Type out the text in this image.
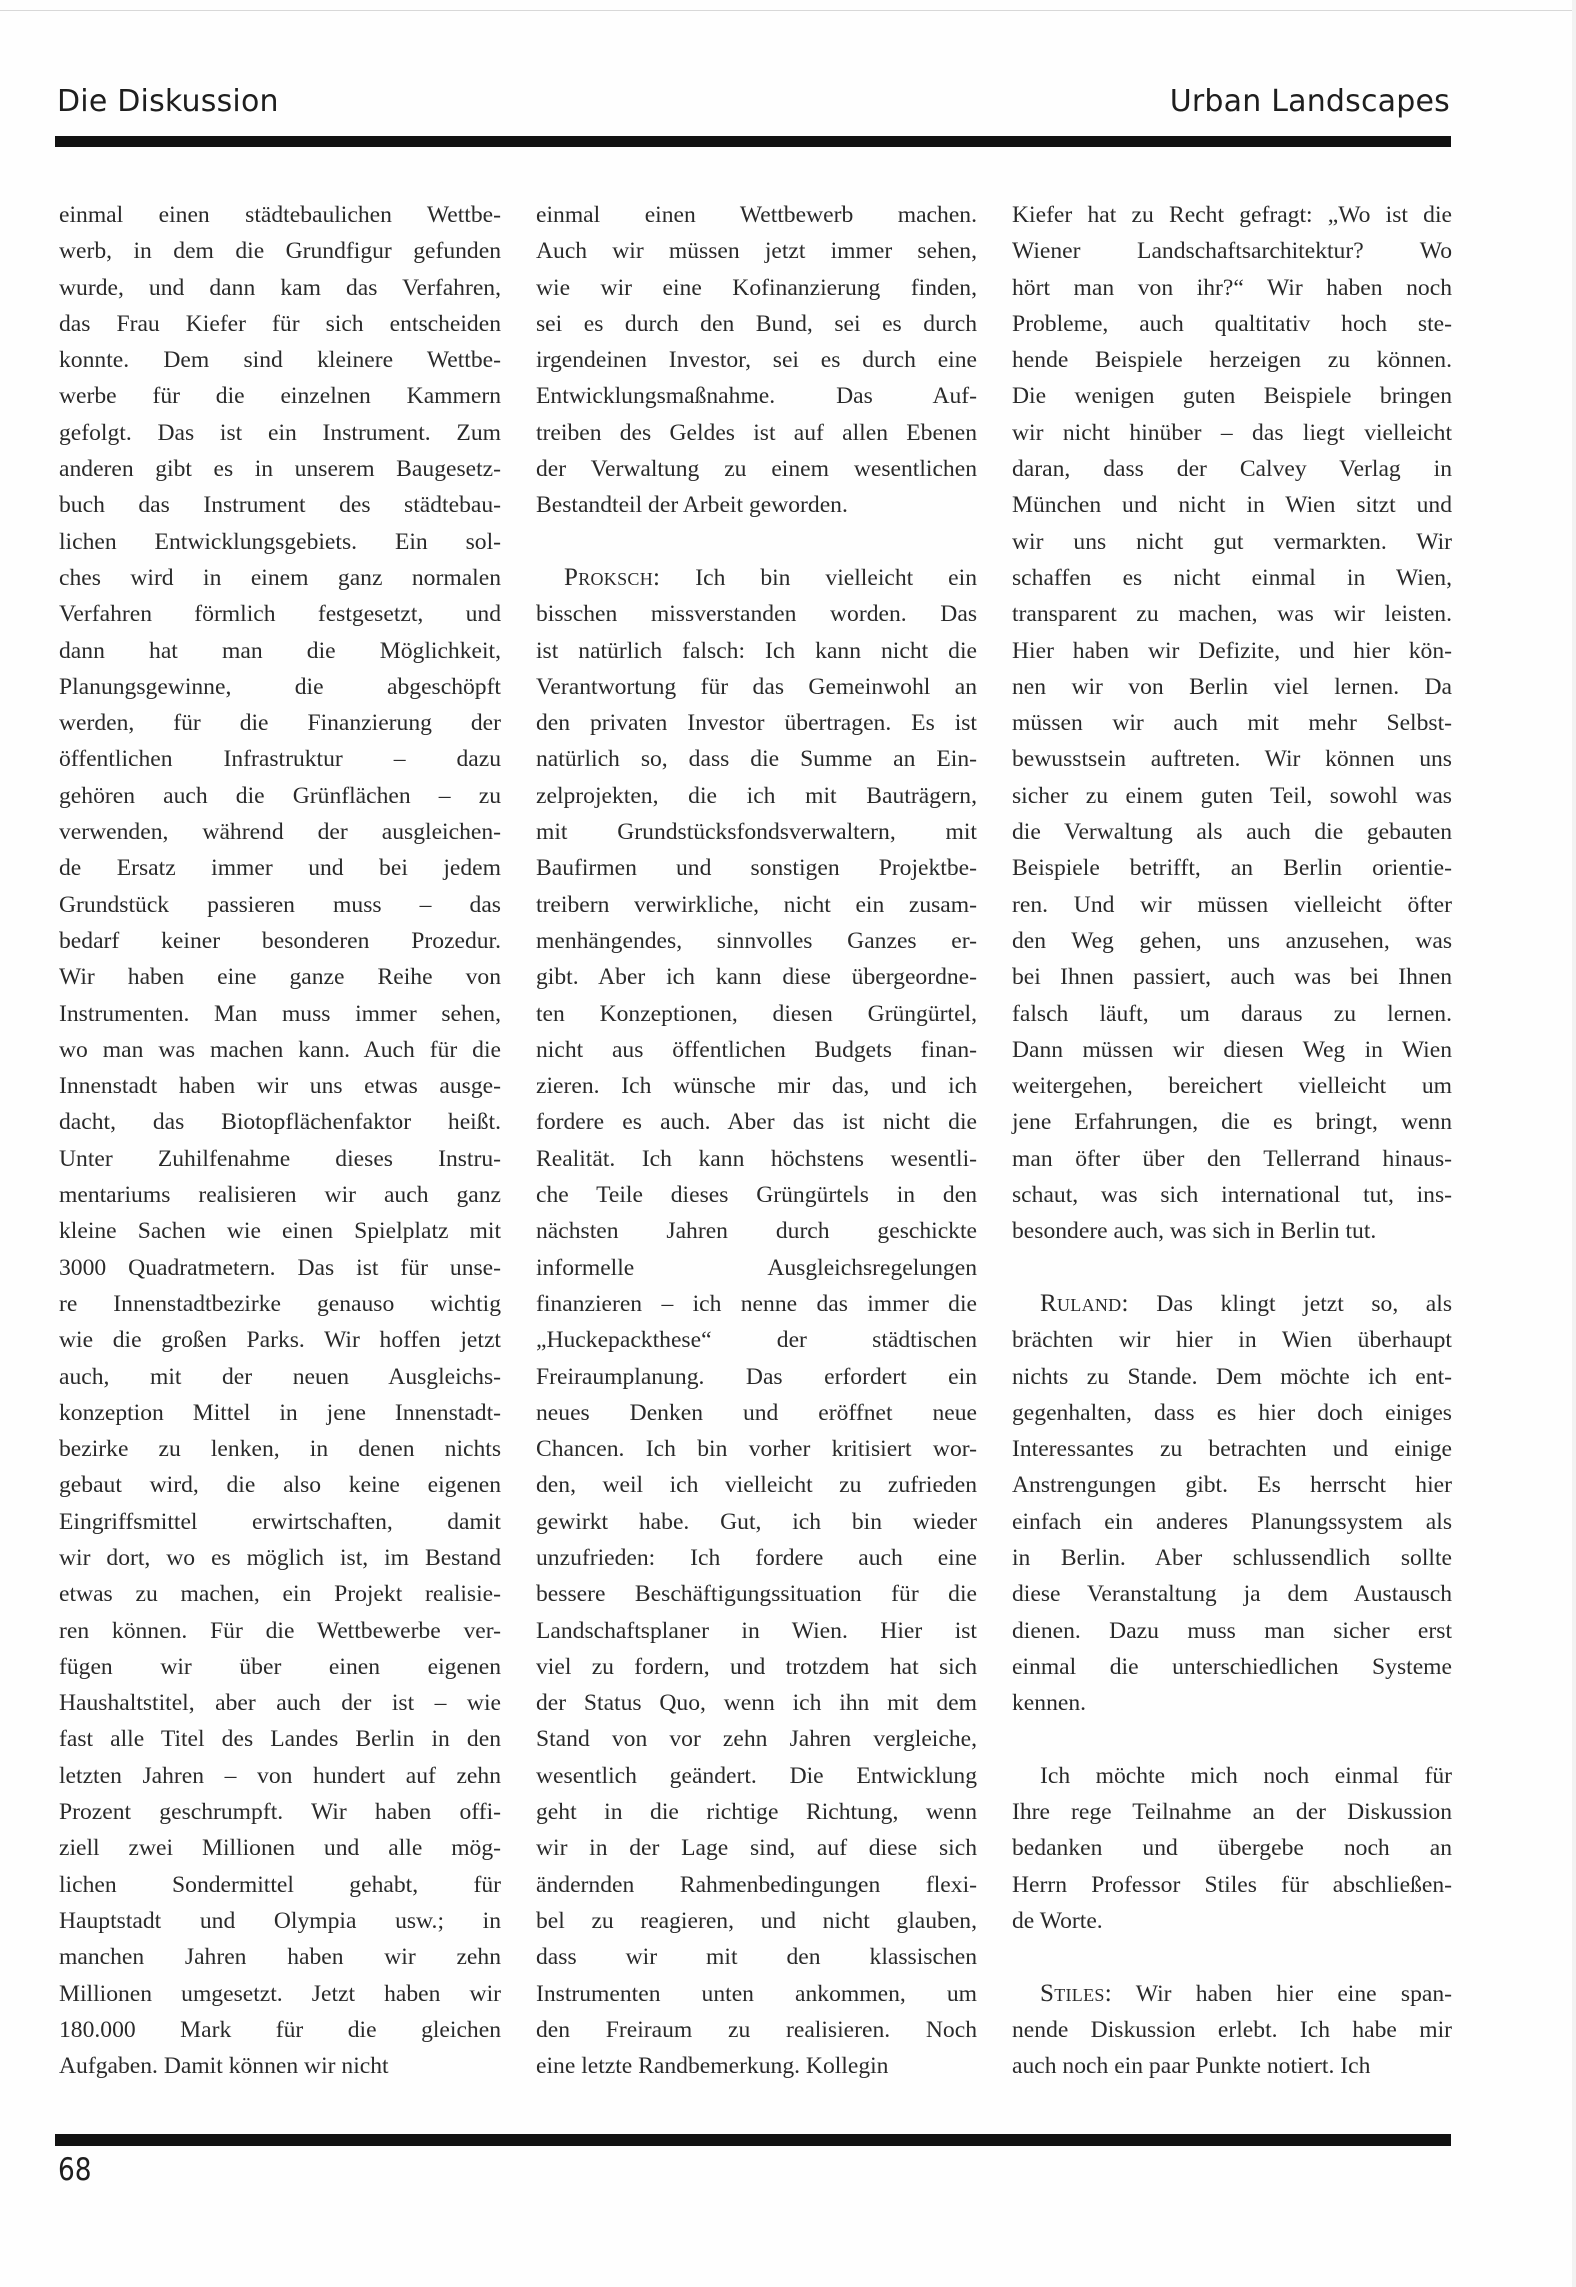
Die Diskussion	Urban Landscapes
einmal einen städtebaulichen Wettbe-
werb, in dem die Grundfigur gefunden
wurde, und dann kam das Verfahren,
das Frau Kiefer für sich entscheiden
konnte. Dem sind kleinere Wettbe-
werbe für die einzelnen Kammern
gefolgt. Das ist ein Instrument. Zum
anderen gibt es in unserem Baugesetz-
buch das Instrument des städtebau-
lichen Entwicklungsgebiets. Ein sol-
ches wird in einem ganz normalen
Verfahren förmlich festgesetzt, und
dann hat man die Möglichkeit,
Planungsgewinne, die abgeschöpft
werden, für die Finanzierung der
öffentlichen Infrastruktur – dazu
gehören auch die Grünflächen – zu
verwenden, während der ausgleichen-
de Ersatz immer und bei jedem
Grundstück passieren muss – das
bedarf keiner besonderen Prozedur.
Wir haben eine ganze Reihe von
Instrumenten. Man muss immer sehen,
wo man was machen kann. Auch für die
Innenstadt haben wir uns etwas ausge-
dacht, das Biotopflächenfaktor heißt.
Unter Zuhilfenahme dieses Instru-
mentariums realisieren wir auch ganz
kleine Sachen wie einen Spielplatz mit
3000 Quadratmetern. Das ist für unse-
re Innenstadtbezirke genauso wichtig
wie die großen Parks. Wir hoffen jetzt
auch, mit der neuen Ausgleichs-
konzeption Mittel in jene Innenstadt-
bezirke zu lenken, in denen nichts
gebaut wird, die also keine eigenen
Eingriffsmittel erwirtschaften, damit
wir dort, wo es möglich ist, im Bestand
etwas zu machen, ein Projekt realisie-
ren können. Für die Wettbewerbe ver-
fügen wir über einen eigenen
Haushaltstitel, aber auch der ist – wie
fast alle Titel des Landes Berlin in den
letzten Jahren – von hundert auf zehn
Prozent geschrumpft. Wir haben offi-
ziell zwei Millionen und alle mög-
lichen Sondermittel gehabt, für
Hauptstadt und Olympia usw.; in
manchen Jahren haben wir zehn
Millionen umgesetzt. Jetzt haben wir
180.000 Mark für die gleichen
Aufgaben. Damit können wir nicht
einmal einen Wettbewerb machen.
Auch wir müssen jetzt immer sehen,
wie wir eine Kofinanzierung finden,
sei es durch den Bund, sei es durch
irgendeinen Investor, sei es durch eine
Entwicklungsmaßnahme. Das Auf-
treiben des Geldes ist auf allen Ebenen
der Verwaltung zu einem wesentlichen
Bestandteil der Arbeit geworden.
Proksch: Ich bin vielleicht ein
bisschen missverstanden worden. Das
ist natürlich falsch: Ich kann nicht die
Verantwortung für das Gemeinwohl an
den privaten Investor übertragen. Es ist
natürlich so, dass die Summe an Ein-
zelprojekten, die ich mit Bauträgern,
mit Grundstücksfondsverwaltern, mit
Baufirmen und sonstigen Projektbe-
treibern verwirkliche, nicht ein zusam-
menhängendes, sinnvolles Ganzes er-
gibt. Aber ich kann diese übergeordne-
ten Konzeptionen, diesen Grüngürtel,
nicht aus öffentlichen Budgets finan-
zieren. Ich wünsche mir das, und ich
fordere es auch. Aber das ist nicht die
Realität. Ich kann höchstens wesentli-
che Teile dieses Grüngürtels in den
nächsten Jahren durch geschickte
informelle Ausgleichsregelungen
finanzieren – ich nenne das immer die
„Huckepackthese“ der städtischen
Freiraumplanung. Das erfordert ein
neues Denken und eröffnet neue
Chancen. Ich bin vorher kritisiert wor-
den, weil ich vielleicht zu zufrieden
gewirkt habe. Gut, ich bin wieder
unzufrieden: Ich fordere auch eine
bessere Beschäftigungssituation für die
Landschaftsplaner in Wien. Hier ist
viel zu fordern, und trotzdem hat sich
der Status Quo, wenn ich ihn mit dem
Stand von vor zehn Jahren vergleiche,
wesentlich geändert. Die Entwicklung
geht in die richtige Richtung, wenn
wir in der Lage sind, auf diese sich
ändernden Rahmenbedingungen flexi-
bel zu reagieren, und nicht glauben,
dass wir mit den klassischen
Instrumenten unten ankommen, um
den Freiraum zu realisieren. Noch
eine letzte Randbemerkung. Kollegin
Kiefer hat zu Recht gefragt: „Wo ist die
Wiener Landschaftsarchitektur? Wo
hört man von ihr?“ Wir haben noch
Probleme, auch qualtitativ hoch ste-
hende Beispiele herzeigen zu können.
Die wenigen guten Beispiele bringen
wir nicht hinüber – das liegt vielleicht
daran, dass der Calvey Verlag in
München und nicht in Wien sitzt und
wir uns nicht gut vermarkten. Wir
schaffen es nicht einmal in Wien,
transparent zu machen, was wir leisten.
Hier haben wir Defizite, und hier kön-
nen wir von Berlin viel lernen. Da
müssen wir auch mit mehr Selbst-
bewusstsein auftreten. Wir können uns
sicher zu einem guten Teil, sowohl was
die Verwaltung als auch die gebauten
Beispiele betrifft, an Berlin orientie-
ren. Und wir müssen vielleicht öfter
den Weg gehen, uns anzusehen, was
bei Ihnen passiert, auch was bei Ihnen
falsch läuft, um daraus zu lernen.
Dann müssen wir diesen Weg in Wien
weitergehen, bereichert vielleicht um
jene Erfahrungen, die es bringt, wenn
man öfter über den Tellerrand hinaus-
schaut, was sich international tut, ins-
besondere auch, was sich in Berlin tut.
Ruland: Das klingt jetzt so, als
brächten wir hier in Wien überhaupt
nichts zu Stande. Dem möchte ich ent-
gegenhalten, dass es hier doch einiges
Interessantes zu betrachten und einige
Anstrengungen gibt. Es herrscht hier
einfach ein anderes Planungssystem als
in Berlin. Aber schlussendlich sollte
diese Veranstaltung ja dem Austausch
dienen. Dazu muss man sicher erst
einmal die unterschiedlichen Systeme
kennen.
Ich möchte mich noch einmal für
Ihre rege Teilnahme an der Diskussion
bedanken und übergebe noch an
Herrn Professor Stiles für abschließen-
de Worte.
Stiles: Wir haben hier eine span-
nende Diskussion erlebt. Ich habe mir
auch noch ein paar Punkte notiert. Ich
68
